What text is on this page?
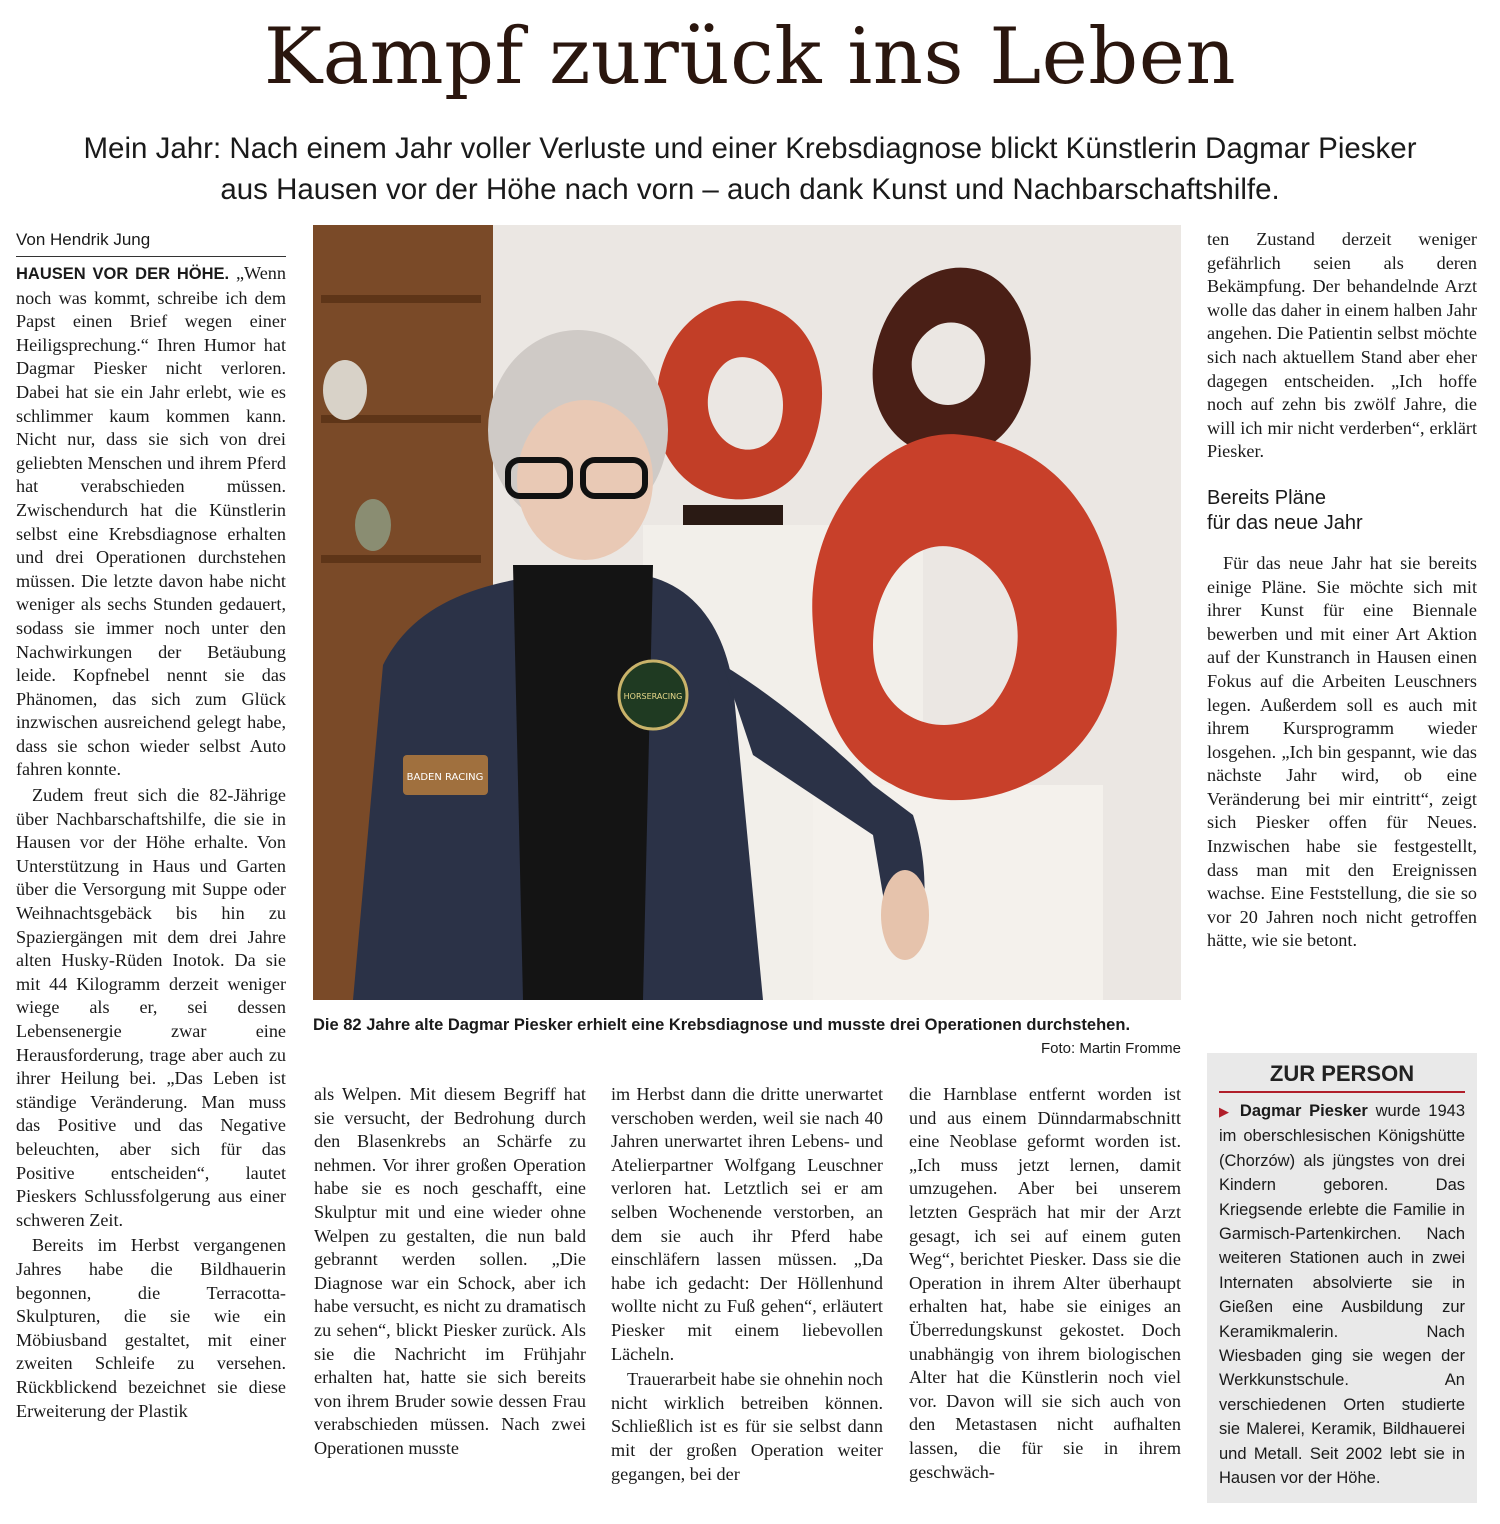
Kampf zurück ins Leben
Mein Jahr: Nach einem Jahr voller Verluste und einer Krebsdiagnose blickt Künstlerin Dagmar Piesker
aus Hausen vor der Höhe nach vorn – auch dank Kunst und Nachbarschaftshilfe.
Von Hendrik Jung

HAUSEN VOR DER HÖHE. „Wenn noch was kommt, schreibe ich dem Papst einen Brief wegen einer Heiligsprechung.“ Ihren Humor hat Dagmar Piesker nicht verloren. Dabei hat sie ein Jahr erlebt, wie es schlimmer kaum kommen kann. Nicht nur, dass sie sich von drei geliebten Menschen und ihrem Pferd hat verabschieden müssen. Zwischendurch hat die Künstlerin selbst eine Krebsdiagnose erhalten und drei Operationen durchstehen müssen. Die letzte davon habe nicht weniger als sechs Stunden gedauert, sodass sie immer noch unter den Nachwirkungen der Betäubung leide. Kopfnebel nennt sie das Phänomen, das sich zum Glück inzwischen ausreichend gelegt habe, dass sie schon wieder selbst Auto fahren konnte.

Zudem freut sich die 82-Jährige über Nachbarschaftshilfe, die sie in Hausen vor der Höhe erhalte. Von Unterstützung in Haus und Garten über die Versorgung mit Suppe oder Weihnachtsgebäck bis hin zu Spaziergängen mit dem drei Jahre alten Husky-Rüden Inotok. Da sie mit 44 Kilogramm derzeit weniger wiege als er, sei dessen Lebensenergie zwar eine Herausforderung, trage aber auch zu ihrer Heilung bei. „Das Leben ist ständige Veränderung. Man muss das Positive und das Negative beleuchten, aber sich für das Positive entscheiden“, lautet Pieskers Schlussfolgerung aus einer schweren Zeit.

Bereits im Herbst vergangenen Jahres habe die Bildhauerin begonnen, die Terracotta-Skulpturen, die sie wie ein Möbiusband gestaltet, mit einer zweiten Schleife zu versehen. Rückblickend bezeichnet sie diese Erweiterung der Plastik

BADEN RACING
HORSERACING
Die 82 Jahre alte Dagmar Piesker erhielt eine Krebsdiagnose und musste drei Operationen durchstehen.
Foto: Martin Fromme

als Welpen. Mit diesem Begriff hat sie versucht, der Bedrohung durch den Blasenkrebs an Schärfe zu nehmen. Vor ihrer großen Operation habe sie es noch geschafft, eine Skulptur mit und eine wieder ohne Welpen zu gestalten, die nun bald gebrannt werden sollen. „Die Diagnose war ein Schock, aber ich habe versucht, es nicht zu dramatisch zu sehen“, blickt Piesker zurück. Als sie die Nachricht im Frühjahr erhalten hat, hatte sie sich bereits von ihrem Bruder sowie dessen Frau verabschieden müssen. Nach zwei Operationen musste

im Herbst dann die dritte unerwartet verschoben werden, weil sie nach 40 Jahren unerwartet ihren Lebens- und Atelierpartner Wolfgang Leuschner verloren hat. Letztlich sei er am selben Wochenende verstorben, an dem sie auch ihr Pferd habe einschläfern lassen müssen. „Da habe ich gedacht: Der Höllenhund wollte nicht zu Fuß gehen“, erläutert Piesker mit einem liebevollen Lächeln.

Trauerarbeit habe sie ohnehin noch nicht wirklich betreiben können. Schließlich ist es für sie selbst dann mit der großen Operation weiter gegangen, bei der

die Harnblase entfernt worden ist und aus einem Dünndarmabschnitt eine Neoblase geformt worden ist. „Ich muss jetzt lernen, damit umzugehen. Aber bei unserem letzten Gespräch hat mir der Arzt gesagt, ich sei auf einem guten Weg“, berichtet Piesker. Dass sie die Operation in ihrem Alter überhaupt erhalten hat, habe sie einiges an Überredungskunst gekostet. Doch unabhängig von ihrem biologischen Alter hat die Künstlerin noch viel vor. Davon will sie sich auch von den Metastasen nicht aufhalten lassen, die für sie in ihrem geschwäch-

ten Zustand derzeit weniger gefährlich seien als deren Bekämpfung. Der behandelnde Arzt wolle das daher in einem halben Jahr angehen. Die Patientin selbst möchte sich nach aktuellem Stand aber eher dagegen entscheiden. „Ich hoffe noch auf zehn bis zwölf Jahre, die will ich mir nicht verderben“, erklärt Piesker.

Bereits Pläne
für das neue Jahr

Für das neue Jahr hat sie bereits einige Pläne. Sie möchte sich mit ihrer Kunst für eine Biennale bewerben und mit einer Art Aktion auf der Kunstranch in Hausen einen Fokus auf die Arbeiten Leuschners legen. Außerdem soll es auch mit ihrem Kursprogramm wieder losgehen. „Ich bin gespannt, wie das nächste Jahr wird, ob eine Veränderung bei mir eintritt“, zeigt sich Piesker offen für Neues. Inzwischen habe sie festgestellt, dass man mit den Ereignissen wachse. Eine Feststellung, die sie so vor 20 Jahren noch nicht getroffen hätte, wie sie betont.

ZUR PERSON
▶ Dagmar Piesker wurde 1943 im oberschlesischen Königshütte (Chorzów) als jüngstes von drei Kindern geboren. Das Kriegsende erlebte die Familie in Garmisch-Partenkirchen. Nach weiteren Stationen auch in zwei Internaten absolvierte sie in Gießen eine Ausbildung zur Keramikmalerin. Nach Wiesbaden ging sie wegen der Werkkunstschule. An verschiedenen Orten studierte sie Malerei, Keramik, Bildhauerei und Metall. Seit 2002 lebt sie in Hausen vor der Höhe.
